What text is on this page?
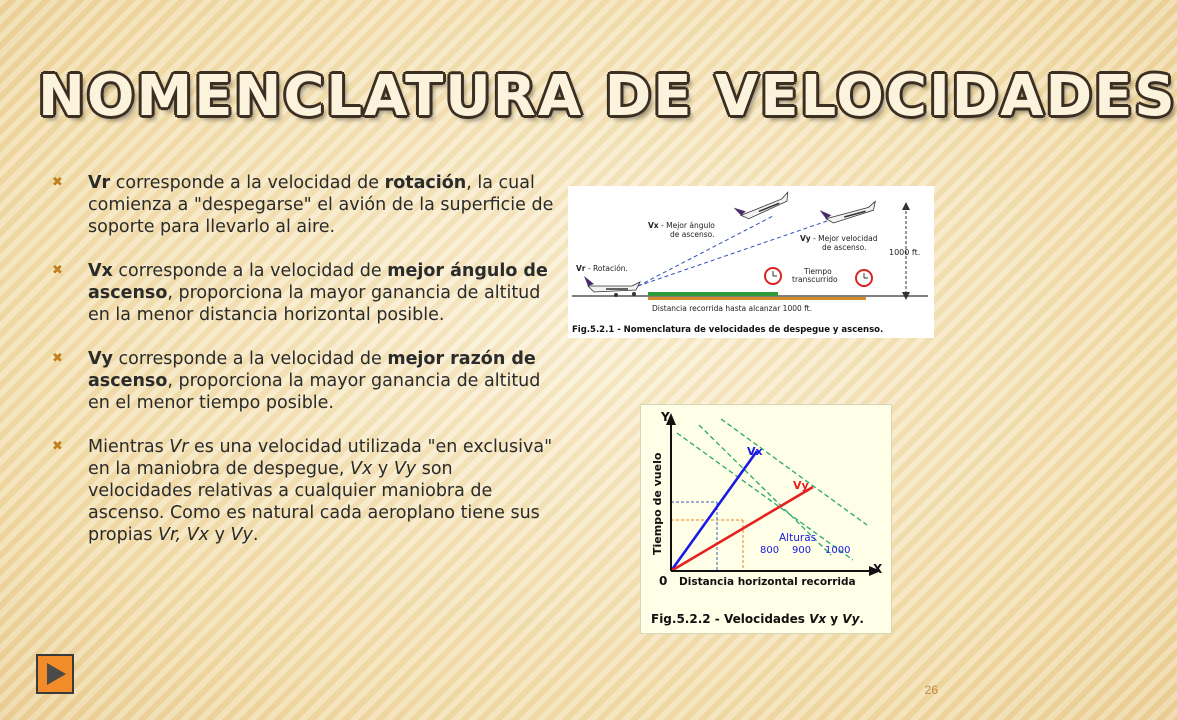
NOMENCLATURA DE VELOCIDADES
✖	Vr corresponde a la velocidad de rotación, la cual comienza a "despegarse" el avión de la superficie de soporte para llevarlo al aire.
✖	Vx corresponde a la velocidad de mejor ángulo de ascenso, proporciona la mayor ganancia de altitud en la menor distancia horizontal posible.
✖	Vy corresponde a la velocidad de mejor razón de ascenso, proporciona la mayor ganancia de altitud en el menor tiempo posible.
✖	Mientras Vr es una velocidad utilizada "en exclusiva" en la maniobra de despegue, Vx y Vy son velocidades relativas a cualquier maniobra de ascenso. Como es natural cada aeroplano tiene sus propias Vr, Vx y Vy.
1000 ft.
Vr - Rotación.
Vx - Mejor ángulo
de ascenso.	Vy - Mejor velocidad
de ascenso.
Tiempo
transcurrido
Distancia recorrida hasta alcanzar 1000 ft.
Fig.5.2.1 - Nomenclatura de velocidades de despegue y ascenso.
Y
X
0
Tiempo de vuelo
Distancia horizontal recorrida
Vx
Vy
Alturas
800 900 1000
Fig.5.2.2 - Velocidades Vx y Vy.
26
